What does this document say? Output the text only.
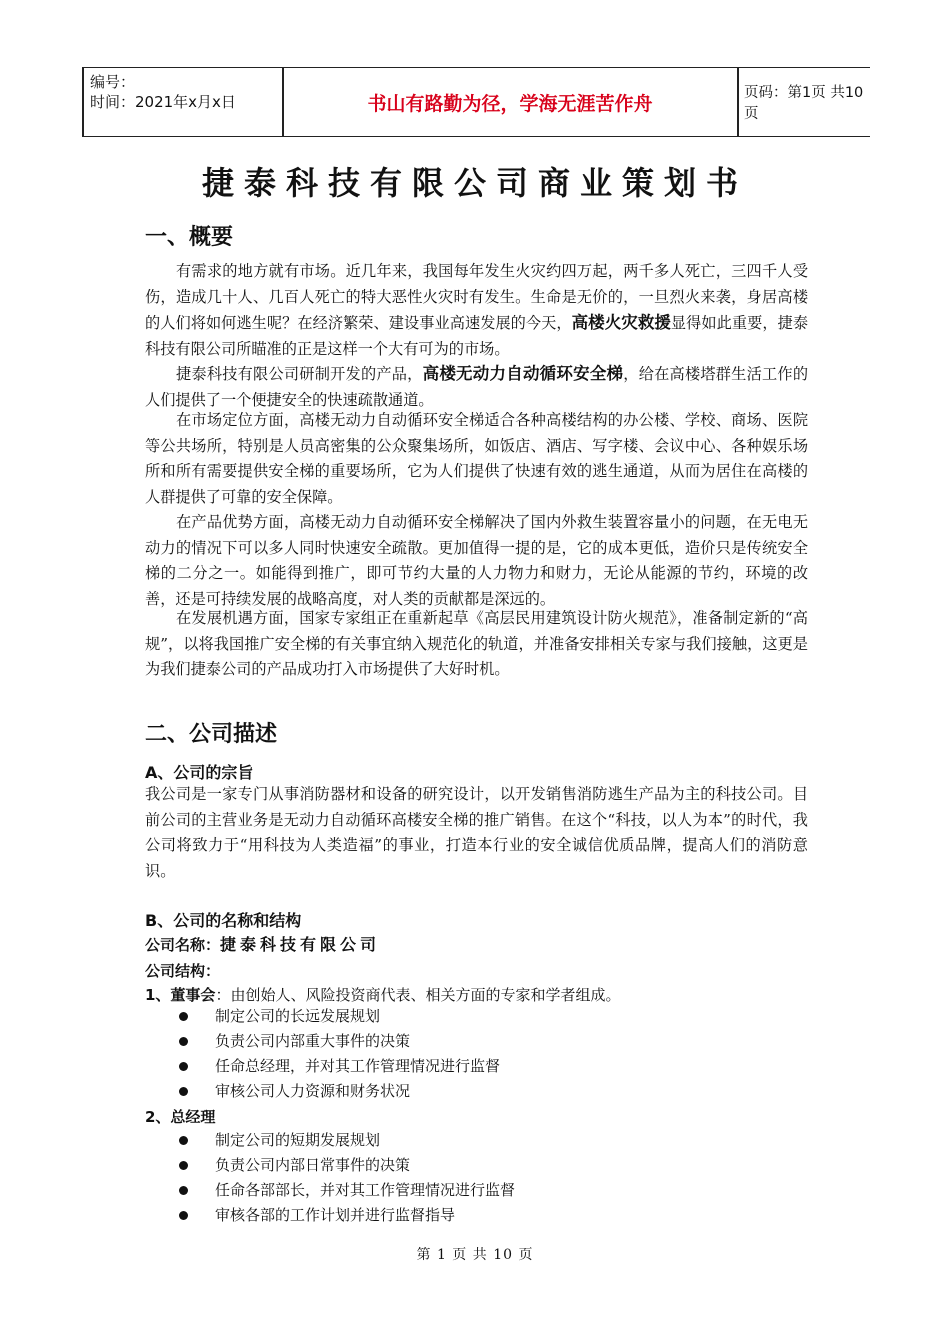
编号：
时间：2021年x月x日	书山有路勤为径，学海无涯苦作舟	页码：第1页 共10页
捷泰科技有限公司商业策划书
一、概要
有需求的地方就有市场。近几年来，我国每年发生火灾约四万起，两千多人死亡，三四千人受伤，造成几十人、几百人死亡的特大恶性火灾时有发生。生命是无价的，一旦烈火来袭，身居高楼的人们将如何逃生呢？在经济繁荣、建设事业高速发展的今天，高楼火灾救援显得如此重要，捷泰科技有限公司所瞄准的正是这样一个大有可为的市场。
捷泰科技有限公司研制开发的产品，高楼无动力自动循环安全梯，给在高楼塔群生活工作的人们提供了一个便捷安全的快速疏散通道。
在市场定位方面，高楼无动力自动循环安全梯适合各种高楼结构的办公楼、学校、商场、医院等公共场所，特别是人员高密集的公众聚集场所，如饭店、酒店、写字楼、会议中心、各种娱乐场所和所有需要提供安全梯的重要场所，它为人们提供了快速有效的逃生通道，从而为居住在高楼的人群提供了可靠的安全保障。
在产品优势方面，高楼无动力自动循环安全梯解决了国内外救生装置容量小的问题，在无电无动力的情况下可以多人同时快速安全疏散。更加值得一提的是，它的成本更低，造价只是传统安全梯的二分之一。如能得到推广，即可节约大量的人力物力和财力，无论从能源的节约，环境的改善，还是可持续发展的战略高度，对人类的贡献都是深远的。
在发展机遇方面，国家专家组正在重新起草《高层民用建筑设计防火规范》，准备制定新的“高规”，以将我国推广安全梯的有关事宜纳入规范化的轨道，并准备安排相关专家与我们接触，这更是为我们捷泰公司的产品成功打入市场提供了大好时机。
二、公司描述
A、公司的宗旨
我公司是一家专门从事消防器材和设备的研究设计，以开发销售消防逃生产品为主的科技公司。目前公司的主营业务是无动力自动循环高楼安全梯的推广销售。在这个“科技，以人为本”的时代，我公司将致力于“用科技为人类造福”的事业，打造本行业的安全诚信优质品牌，提高人们的消防意识。
B、公司的名称和结构
公司名称：捷泰科技有限公司
公司结构：
1、董事会：由创始人、风险投资商代表、相关方面的专家和学者组成。
制定公司的长远发展规划
负责公司内部重大事件的决策
任命总经理，并对其工作管理情况进行监督
审核公司人力资源和财务状况
2、总经理
制定公司的短期发展规划
负责公司内部日常事件的决策
任命各部部长，并对其工作管理情况进行监督
审核各部的工作计划并进行监督指导
第 1 页 共 10 页
